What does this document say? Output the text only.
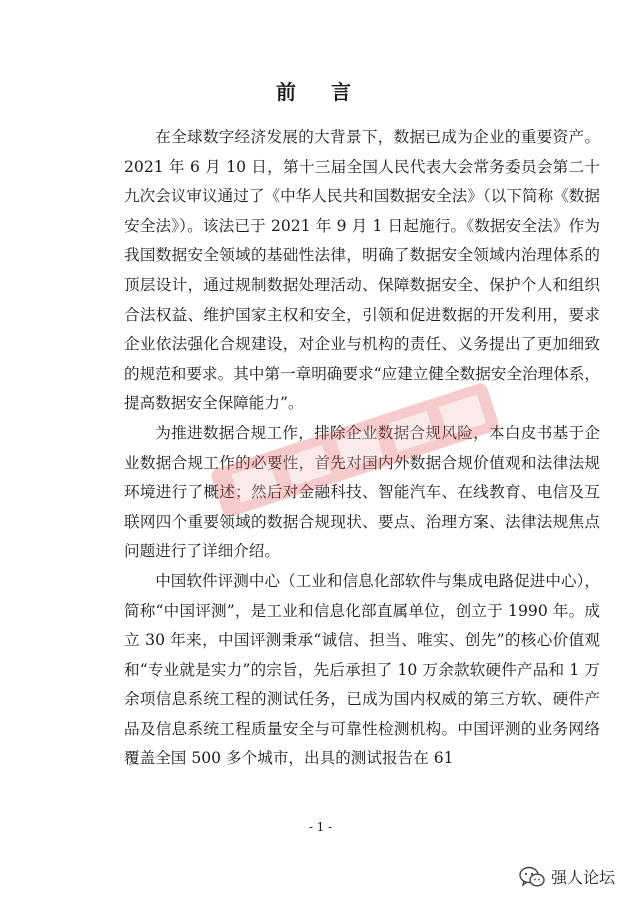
前 言

在全球数字经济发展的大背景下，数据已成为企业的重要资产。2021 年 6 月 10 日，第十三届全国人民代表大会常务委员会第二十九次会议审议通过了《中华人民共和国数据安全法》（以下简称《数据安全法》）。该法已于 2021 年 9 月 1 日起施行。《数据安全法》作为我国数据安全领域的基础性法律，明确了数据安全领域内治理体系的顶层设计，通过规制数据处理活动、保障数据安全、保护个人和组织合法权益、维护国家主权和安全，引领和促进数据的开发利用，要求企业依法强化合规建设，对企业与机构的责任、义务提出了更加细致的规范和要求。其中第一章明确要求“应建立健全数据安全治理体系，提高数据安全保障能力”。

为推进数据合规工作，排除企业数据合规风险，本白皮书基于企业数据合规工作的必要性，首先对国内外数据合规价值观和法律法规环境进行了概述；然后对金融科技、智能汽车、在线教育、电信及互联网四个重要领域的数据合规现状、要点、治理方案、法律法规焦点问题进行了详细介绍。

中国软件评测中心（工业和信息化部软件与集成电路促进中心），简称“中国评测”，是工业和信息化部直属单位，创立于 1990 年。成立 30 年来，中国评测秉承“诚信、担当、唯实、创先”的核心价值观和“专业就是实力”的宗旨，先后承担了 10 万余款软硬件产品和 1 万余项信息系统工程的测试任务，已成为国内权威的第三方软、硬件产品及信息系统工程质量安全与可靠性检测机构。中国评测的业务网络覆盖全国 500 多个城市，出具的测试报告在 61

- 1 -
强人论坛
